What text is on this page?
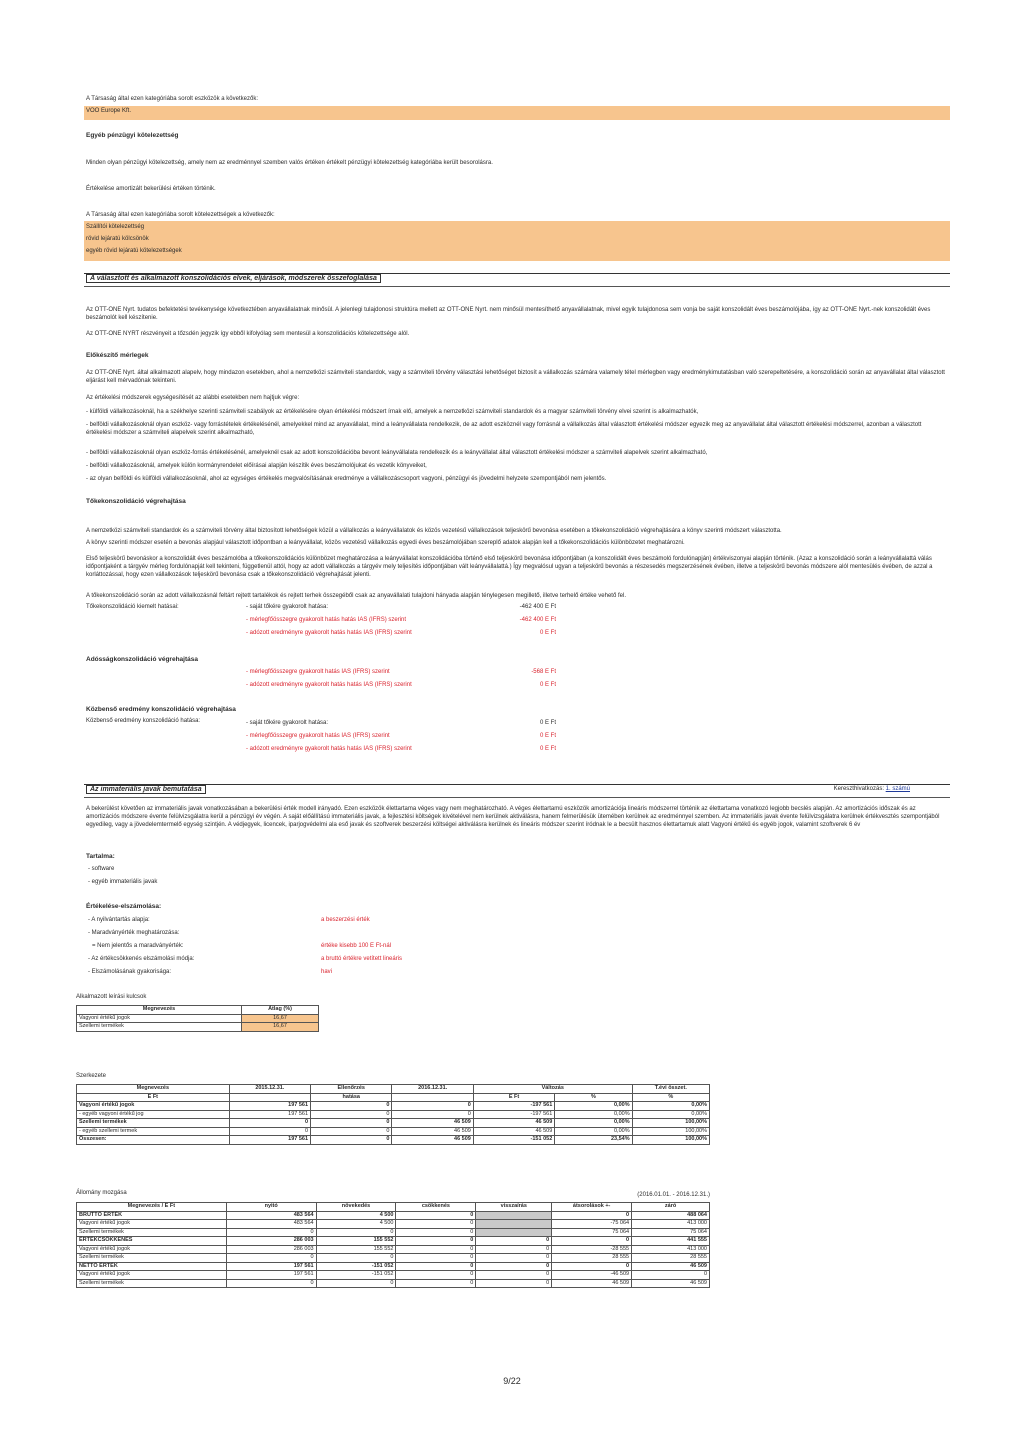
A Társaság által ezen kategóriába sorolt eszközök a következők:
VOO Europe Kft.
Egyéb pénzügyi kötelezettség
Minden olyan pénzügyi kötelezettség, amely nem az eredménnyel szemben valós értéken értékelt pénzügyi kötelezettség kategóriába került besorolásra.
Értékelése amortizált bekerülési értéken történik.
A Társaság által ezen kategóriába sorolt kötelezettségek a következők:
Szállítói kötelezettség
rövid lejáratú kölcsönök
egyéb rövid lejáratú kötelezettségek
A választott és alkalmazott konszolidációs elvek, eljárások, módszerek összefoglalása
Az OTT-ONE Nyrt. tudatos befektetési tevékenysége következtében anyavállalatnak minősül. A jelenlegi tulajdonosi struktúra mellett az OTT-ONE Nyrt. nem minősül mentesíthető anyavállalatnak, mivel egyik tulajdonosa sem vonja be saját konszolidált éves beszámolójába, így az OTT-ONE Nyrt.-nek konszolidált éves beszámolót kell készítenie.
Az OTT-ONE NYRT részvényeit a tőzsdén jegyzik így ebből kifolyólag sem mentesül a konszolidációs kötelezettsége alól.
Előkészítő mérlegek
Az OTT-ONE Nyrt. által alkalmazott alapelv, hogy mindazon esetekben, ahol a nemzetközi számviteli standardok, vagy a számviteli törvény választási lehetőséget biztosít a vállalkozás számára valamely tétel mérlegben vagy eredménykimutatásban való szerepeltetésére, a konszolidáció során az anyavállalat által választott eljárást kell mérvadónak tekinteni.
Az értékelési módszerek egységesítését az alábbi esetekben nem hajtjuk végre:
- külföldi vállalkozásoknál, ha a székhelye szerinti számviteli szabályok az értékelésére olyan értékelési módszert írnak elő, amelyek a nemzetközi számviteli standardok és a magyar számviteli törvény elvei szerint is alkalmazhatók,
- belföldi vállalkozásoknál olyan eszköz- vagy forrástételek értékelésénél, amelyekkel mind az anyavállalat, mind a leányvállalata rendelkezik, de az adott eszköznél vagy forrásnál a vállalkozás által választott értékelési módszer egyezik meg az anyavállalat által választott értékelési módszerrel, azonban a választott értékelési módszer a számviteli alapelvek szerint alkalmazható,
- belföldi vállalkozásoknál olyan eszköz-forrás értékelésénél, amelyeknél csak az adott konszolidációba bevont leányvállalata rendelkezik és a leányvállalat által választott értékelési módszer a számviteli alapelvek szerint alkalmazható,
- belföldi vállalkozásoknál, amelyek külön kormányrendelet előírásai alapján készítik éves beszámolójukat és vezetik könyveiket,
- az olyan belföldi és külföldi vállalkozásoknál, ahol az egységes értékelés megvalósításának eredménye a vállalkozáscsoport vagyoni, pénzügyi és jövedelmi helyzete szempontjából nem jelentős.
Tőkekonszolidáció végrehajtása
A nemzetközi számviteli standardok és a számviteli törvény által biztosított lehetőségek közül a vállalkozás a leányvállalatok és közös vezetésű vállalkozások teljeskörű bevonása esetében a tőkekonszolidáció végrehajtására a könyv szerinti módszert választotta.
A könyv szerinti módszer esetén a bevonás alapjául választott időpontban a leányvállalat, közös vezetésű vállalkozás egyedi éves beszámolójában szereplő adatok alapján kell a tőkekonszolidációs különbözetet meghatározni.
Első teljeskörű bevonáskor a konszolidált éves beszámolóba a tőkekonszolidációs különbözet meghatározása a leányvállalat konszolidációba történő első teljeskörű bevonása időpontjában (a konszolidált éves beszámoló fordulónapján) értékviszonyai alapján történik. (Azaz a konszolidáció során a leányvállalattá válás időpontjaként a tárgyév mérleg fordulónapját kell tekinteni, függetlenül attól, hogy az adott vállalkozás a tárgyév mely teljesítés időpontjában vált leányvállalattá.) Így megvalósul ugyan a teljeskörű bevonás a részesedés megszerzésének évében, illetve a teljeskörű bevonás módszere alól mentesülés évében, de azzal a korláttozással, hogy ezen vállalkozások teljeskörű bevonása csak a tőkekonszolidáció végrehajtását jelenti.
A tőkekonszolidáció során az adott vállalkozásnál feltárt rejtett tartalékok és rejtett terhek összegéből csak az anyavállalati tulajdoni hányada alapján ténylegesen megillető, illetve terhelő értéke vehető fel.
Tőkekonszolidáció kiemelt hatásai:	- saját tőkére gyakorolt hatása:	-462 400 E Ft
- mérlegfőösszegre gyakorolt hatás hatás IAS (IFRS) szerint	-462 400 E Ft
- adózott eredményre gyakorolt hatás hatás IAS (IFRS) szerint	0 E Ft
Adósságkonszolidáció végrehajtása
- mérlegfőösszegre gyakorolt hatás IAS (IFRS) szerint	-568 E Ft
- adózott eredményre gyakorolt hatás hatás IAS (IFRS) szerint	0 E Ft
Közbenső eredmény konszolidáció végrehajtása
Közbenső eredmény konszolidáció hatása:	- saját tőkére gyakorolt hatása:	0 E Ft
- mérlegfőösszegre gyakorolt hatás IAS (IFRS) szerint	0 E Ft
- adózott eredményre gyakorolt hatás hatás IAS (IFRS) szerint	0 E Ft
Az immateriális javak bemutatása	Kereszthivatkozás: 1. számú
A bekerülést követően az immateriális javak vonatkozásában a bekerülési érték modell irányadó. Ezen eszközök élettartama véges vagy nem meghatározható. A véges élettartamú eszközök amortizációja lineáris módszerrel történik az élettartama vonatkozó legjobb becslés alapján. Az amortizációs időszak és az amortizációs módszere évente felülvizsgálatra kerül a pénzügyi év végén. A saját előállítású immateriális javak, a fejlesztési költségek kivételével nem kerülnek aktiválásra, hanem felmerülésük ütemében kerülnek az eredménnyel szemben. Az immateriális javak évente felülvizsgálatra kerülnek értékvesztés szempontjából egyedileg, vagy a jövedelemtermelő egység szintjén. A védjegyek, licencek, iparjogvédelmi ala eső javak és szoftverek beszerzési költségei aktiválásra kerülnek és lineáris módszer szerint íródnak le a becsült hasznos élettartamuk alatt Vagyoni értékű és egyéb jogok, valamint szoftverek 6 év
Tartalma:
- software
- egyéb immateriális javak
Értékelése-elszámolása:
- A nyilvántartás alapja:	a beszerzési érték
- Maradványérték meghatározása:
= Nem jelentős a maradványérték:	értéke kisebb 100 E Ft-nál
- Az értékcsökkenés elszámolási módja:	a bruttó értékre vetített lineáris
- Elszámolásának gyakorisága:	havi
Alkalmazott leírási kulcsok
Megnevezés	Átlag (%)
Vagyoni értékű jogok	16,67
Szellemi termékek	16,67
Szerkezete
Megnevezés	2015.12.31.	Ellenőrzés	2016.12.31.	Változás		T.évi összet.
E Ft		hatása		E Ft	%	%
Vagyoni értékű jogok	197 561	0	0	-197 561	0,00%	0,00%
- egyéb vagyoni értékű jog	197 561	0	0	-197 561	0,00%	0,00%
Szellemi termékek	0	0	46 509	46 509	0,00%	100,00%
- egyéb szellemi termek	0	0	46 509	46 509	0,00%	100,00%
Összesen:	197 561	0	46 509	-151 052	23,54%	100,00%
Állomány mozgása	(2016.01.01. - 2016.12.31.)
Megnevezés / E Ft	nyitó	növekedés	csökkenés	visszaírás	átsorolások +-	záró
BRUTTÓ ÉRTÉK	483 564	4 500	0		0	488 064
Vagyoni értékű jogok	483 564	4 500	0		-75 064	413 000
Szellemi termékek	0	0	0		75 064	75 064
ÉRTÉKCSÖKKENÉS	286 003	155 552	0	0	0	441 555
Vagyoni értékű jogok	286 003	155 552	0	0	-28 555	413 000
Szellemi termékek	0	0	0	0	28 555	28 555
NETTÓ ÉRTÉK	197 561	-151 052	0	0	0	46 509
Vagyoni értékű jogok	197 561	-151 052	0	0	-46 509	0
Szellemi termékek	0	0	0	0	46 509	46 509
9/22
